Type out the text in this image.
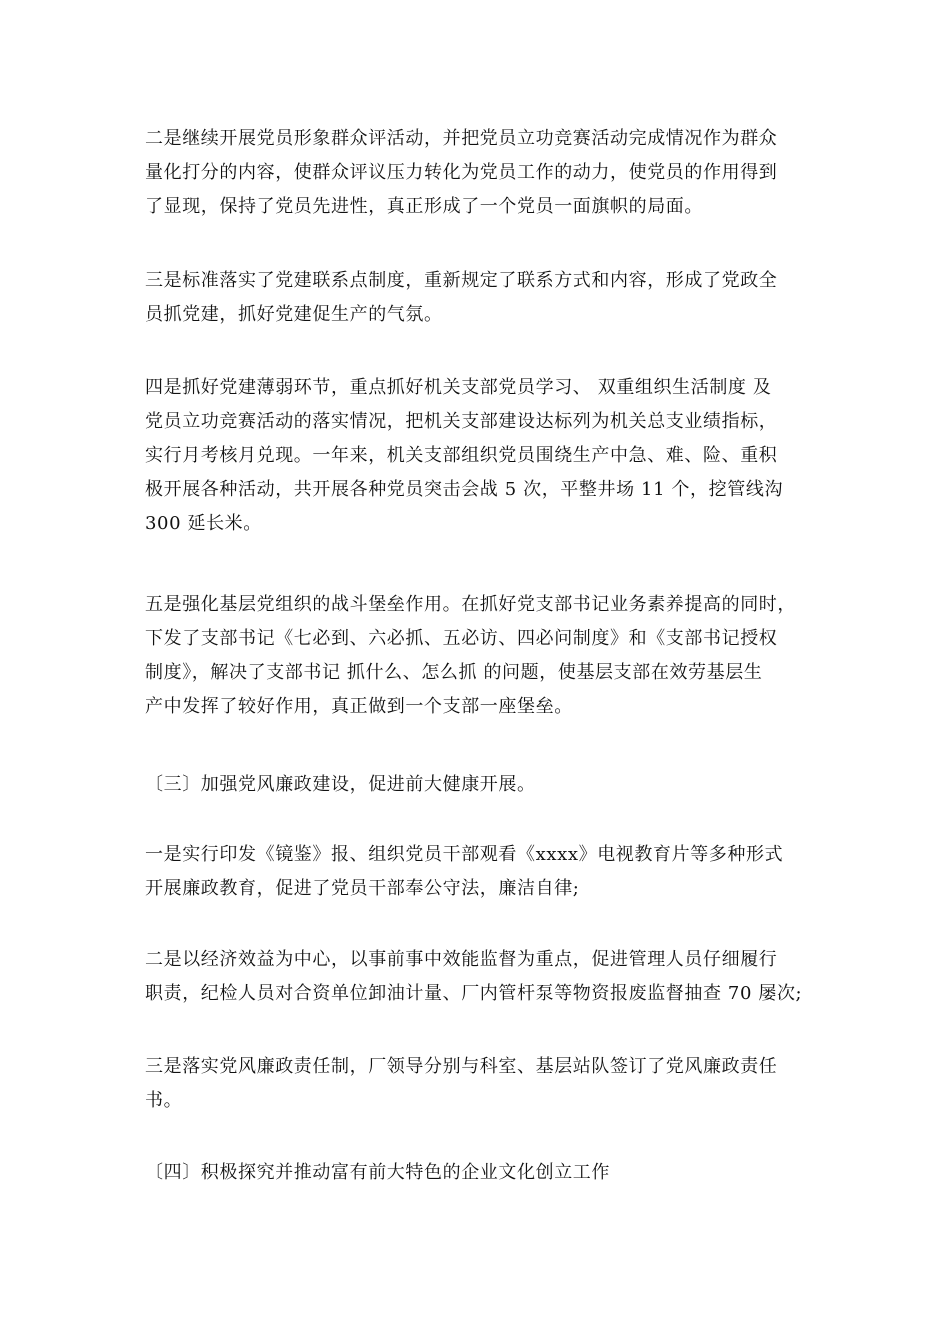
二是继续开展党员形象群众评活动，并把党员立功竞赛活动完成情况作为群众
量化打分的内容，使群众评议压力转化为党员工作的动力，使党员的作用得到
了显现，保持了党员先进性，真正形成了一个党员一面旗帜的局面。
三是标准落实了党建联系点制度，重新规定了联系方式和内容，形成了党政全
员抓党建，抓好党建促生产的气氛。
四是抓好党建薄弱环节，重点抓好机关支部党员学习、 双重组织生活制度 及
党员立功竞赛活动的落实情况，把机关支部建设达标列为机关总支业绩指标，
实行月考核月兑现。一年来，机关支部组织党员围绕生产中急、难、险、重积
极开展各种活动，共开展各种党员突击会战 5 次，平整井场 11 个，挖管线沟
300 延长米。
五是强化基层党组织的战斗堡垒作用。在抓好党支部书记业务素养提高的同时，
下发了支部书记《七必到、六必抓、五必访、四必问制度》和《支部书记授权
制度》，解决了支部书记 抓什么、怎么抓 的问题，使基层支部在效劳基层生
产中发挥了较好作用，真正做到一个支部一座堡垒。
〔三〕加强党风廉政建设，促进前大健康开展。
一是实行印发《镜鉴》报、组织党员干部观看《xxxx》电视教育片等多种形式
开展廉政教育，促进了党员干部奉公守法，廉洁自律;
二是以经济效益为中心，以事前事中效能监督为重点，促进管理人员仔细履行
职责，纪检人员对合资单位卸油计量、厂内管杆泵等物资报废监督抽查 70 屡次;
三是落实党风廉政责任制，厂领导分别与科室、基层站队签订了党风廉政责任
书。
〔四〕积极探究并推动富有前大特色的企业文化创立工作
